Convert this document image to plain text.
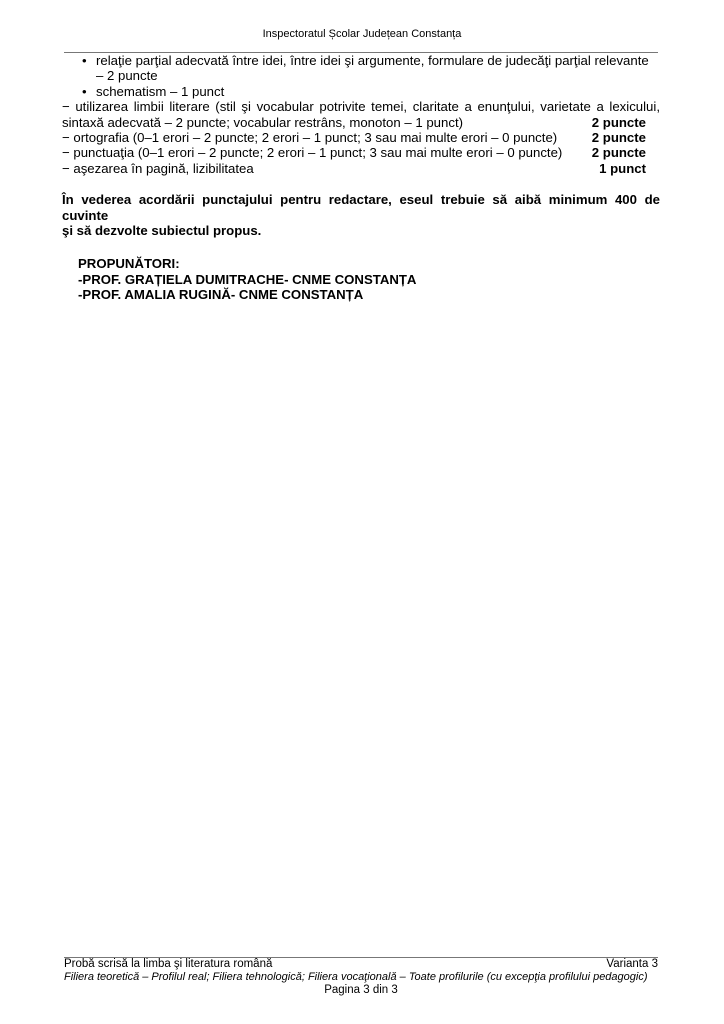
Inspectoratul Școlar Județean Constanța
• relaţie parţial adecvată între idei, între idei şi argumente, formulare de judecăţi parţial relevante
– 2 puncte
• schematism – 1 punct
− utilizarea limbii literare (stil şi vocabular potrivite temei, claritate a enunţului, varietate a lexicului,
sintaxă adecvată – 2 puncte; vocabular restrâns, monoton – 1 punct)	2 puncte
− ortografia (0–1 erori – 2 puncte; 2 erori – 1 punct; 3 sau mai multe erori – 0 puncte)	2 puncte
− punctuaţia (0–1 erori – 2 puncte; 2 erori – 1 punct; 3 sau mai multe erori – 0 puncte) 2 puncte
− aşezarea în pagină, lizibilitatea	1 punct
În vederea acordării punctajului pentru redactare, eseul trebuie să aibă minimum 400 de cuvinte
şi să dezvolte subiectul propus.
PROPUNĂTORI:
-PROF. GRAȚIELA DUMITRACHE- CNME CONSTANȚA
-PROF. AMALIA RUGINĂ- CNME CONSTANȚA
Probă scrisă la limba şi literatura română	Varianta 3
Filiera teoretică – Profilul real; Filiera tehnologică; Filiera vocaţională – Toate profilurile (cu excepţia profilului pedagogic)
Pagina 3 din 3
